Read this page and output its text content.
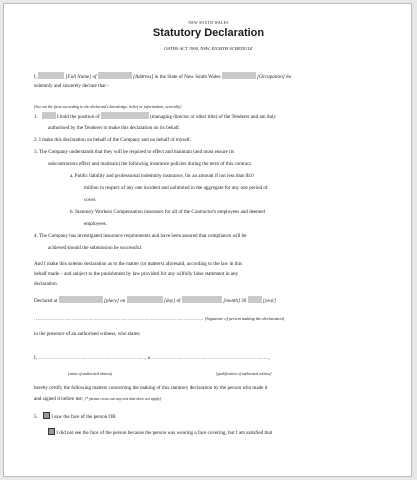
NEW SOUTH WALES
Statutory Declaration
OATHS ACT 1900, NSW, EIGHTH SCHEDULE
I,	[Full Name] of	[Address] in the State of New South Wales	[Occupation] do
solemnly and sincerely declare that -
[Set out the facts according to the declarant's knowledge, belief or information, severally]
1.	I hold the position of	(managing director or other title) of the Tenderer and am duly
authorised by the Tenderer to make this declaration on its behalf.
2. I make this declaration on behalf of the Company and on behalf of myself.
3. The Company understands that they will be required to effect and maintain (and must ensure its
subcontractors effect and maintain) the following insurance policies during the term of this contract.
a. Public liability and professional indemnity insurance, for an amount if not less than $10
million in respect of any one incident and unlimited in the aggregate for any one period of
cover.
b. Statutory Workers Compensation insurance for all of the Contractor's employees and deemed
employees.
4. The Company has investigated insurance requirements and have been assured that compliance will be
achieved should the submission be successful.
And I make this solemn declaration as to the matter (or matters) aforesaid, according to the law in this
behalf made – and subject to the punishment by law provided for any wilfully false statement in any
declaration.
Declared at	[place] on	[day] of	[month] 20	[year]
………………………………………………………………………………………. [Signature of person making the declaration]
in the presence of an authorised witness, who states:
I, ………………………………………………………, a ……………………………………………………………,
[name of authorised witness]	[qualification of authorised witness]
hereby certify the following matters concerning the making of this statutory declaration by the person who made it
and signed it before me: [* please cross out any text that does not apply]
5.	I saw the face of the person OR
I did not see the face of the person because the person was wearing a face covering, but I am satisfied that
